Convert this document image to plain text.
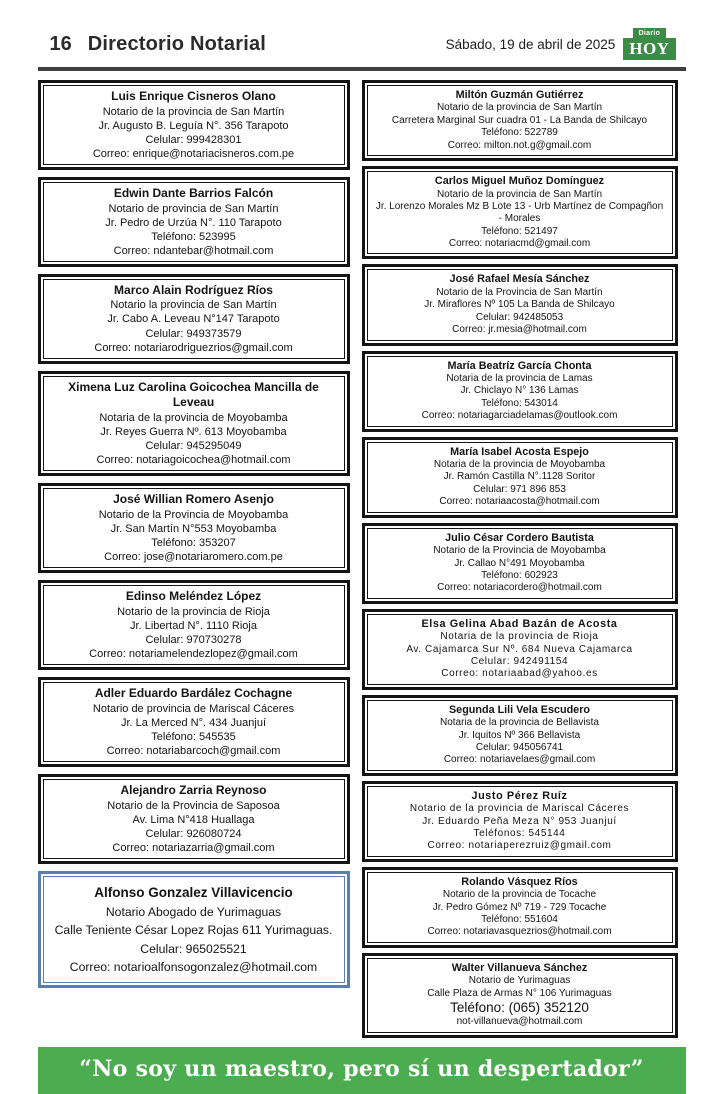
16 Directorio Notarial	Sábado, 19 de abril de 2025
Diario
HOY
Luis Enrique Cisneros Olano
Notario de la provincia de San Martín
Jr. Augusto B. Leguía N°. 356 Tarapoto
Celular: 999428301
Correo: enrique@notariacisneros.com.pe
Edwin Dante Barrios Falcón
Notario de provincia de San Martín
Jr. Pedro de Urzúa N°. 110 Tarapoto
Teléfono: 523995
Correo: ndantebar@hotmail.com
Marco Alain Rodríguez Ríos
Notario la provincia de San Martín
Jr. Cabo A. Leveau N°147 Tarapoto
Celular: 949373579
Correo: notariarodriguezrios@gmail.com
Ximena Luz Carolina Goicochea Mancilla de Leveau
Notaria de la provincia de Moyobamba
Jr. Reyes Guerra Nº. 613 Moyobamba
Celular: 945295049
Correo: notariagoicochea@hotmail.com
José Willian Romero Asenjo
Notario de la Provincia de Moyobamba
Jr. San Martín N°553 Moyobamba
Teléfono: 353207
Correo: jose@notariaromero.com.pe
Edinso Meléndez López
Notario de la provincia de Rioja
Jr. Libertad N°. 1110 Rioja
Celular: 970730278
Correo: notariamelendezlopez@gmail.com
Adler Eduardo Bardález Cochagne
Notario de provincia de Mariscal Cáceres
Jr. La Merced N°. 434 Juanjuí
Teléfono: 545535
Correo: notariabarcoch@gmail.com
Alejandro Zarria Reynoso
Notario de la Provincia de Saposoa
Av. Lima N°418 Huallaga
Celular: 926080724
Correo: notariazarria@gmail.com
Alfonso Gonzalez Villavicencio
Notario Abogado de Yurimaguas
Calle Teniente César Lopez Rojas 611 Yurimaguas.
Celular: 965025521
Correo: notarioalfonsogonzalez@hotmail.com
Miltón Guzmán Gutiérrez
Notario de la provincia de San Martín
Carretera Marginal Sur cuadra 01 - La Banda de Shilcayo
Teléfono: 522789
Correo: milton.not.g@gmail.com
Carlos Miguel Muñoz Domínguez
Notario de la provincia de San Martín
Jr. Lorenzo Morales Mz B Lote 13 - Urb Martínez de Compagñon
- Morales
Teléfono: 521497
Correo: notariacmd@gmail.com
José Rafael Mesía Sánchez
Notario de la Provincia de San Martín
Jr. Miraflores Nº 105 La Banda de Shilcayo
Celular: 942485053
Correo: jr.mesia@hotmail.com
María Beatríz García Chonta
Notaria de la provincia de Lamas
Jr. Chiclayo N° 136 Lamas
Teléfono: 543014
Correo: notariagarciadelamas@outlook.com
María Isabel Acosta Espejo
Notaria de la provincia de Moyobamba
Jr. Ramón Castilla N°.1128 Soritor
Celular: 971 896 853
Correo: notariaacosta@hotmail.com
Julio César Cordero Bautista
Notario de la Provincia de Moyobamba
Jr. Callao N°491 Moyobamba
Teléfono: 602923
Correo: notariacordero@hotmail.com
Elsa Gelina Abad Bazán de Acosta
Notaria de la provincia de Rioja
Av. Cajamarca Sur Nº. 684 Nueva Cajamarca
Celular: 942491154
Correo: notariaabad@yahoo.es
Segunda Lili Vela Escudero
Notaria de la provincia de Bellavista
Jr. Iquitos Nº 366 Bellavista
Celular: 945056741
Correo: notariavelaes@gmail.com
Justo Pérez Ruíz
Notario de la provincia de Mariscal Cáceres
Jr. Eduardo Peña Meza N° 953 Juanjuí
Teléfonos: 545144
Correo: notariaperezruiz@gmail.com
Rolando Vásquez Ríos
Notario de la provincia de Tocache
Jr. Pedro Gómez Nº 719 - 729 Tocache
Teléfono: 551604
Correo: notariavasquezrios@hotmail.com
Walter Villanueva Sánchez
Notario de Yurimaguas
Calle Plaza de Armas N° 106 Yurimaguas
Teléfono: (065) 352120
not-villanueva@hotmail.com
“No soy un maestro, pero sí un despertador”
